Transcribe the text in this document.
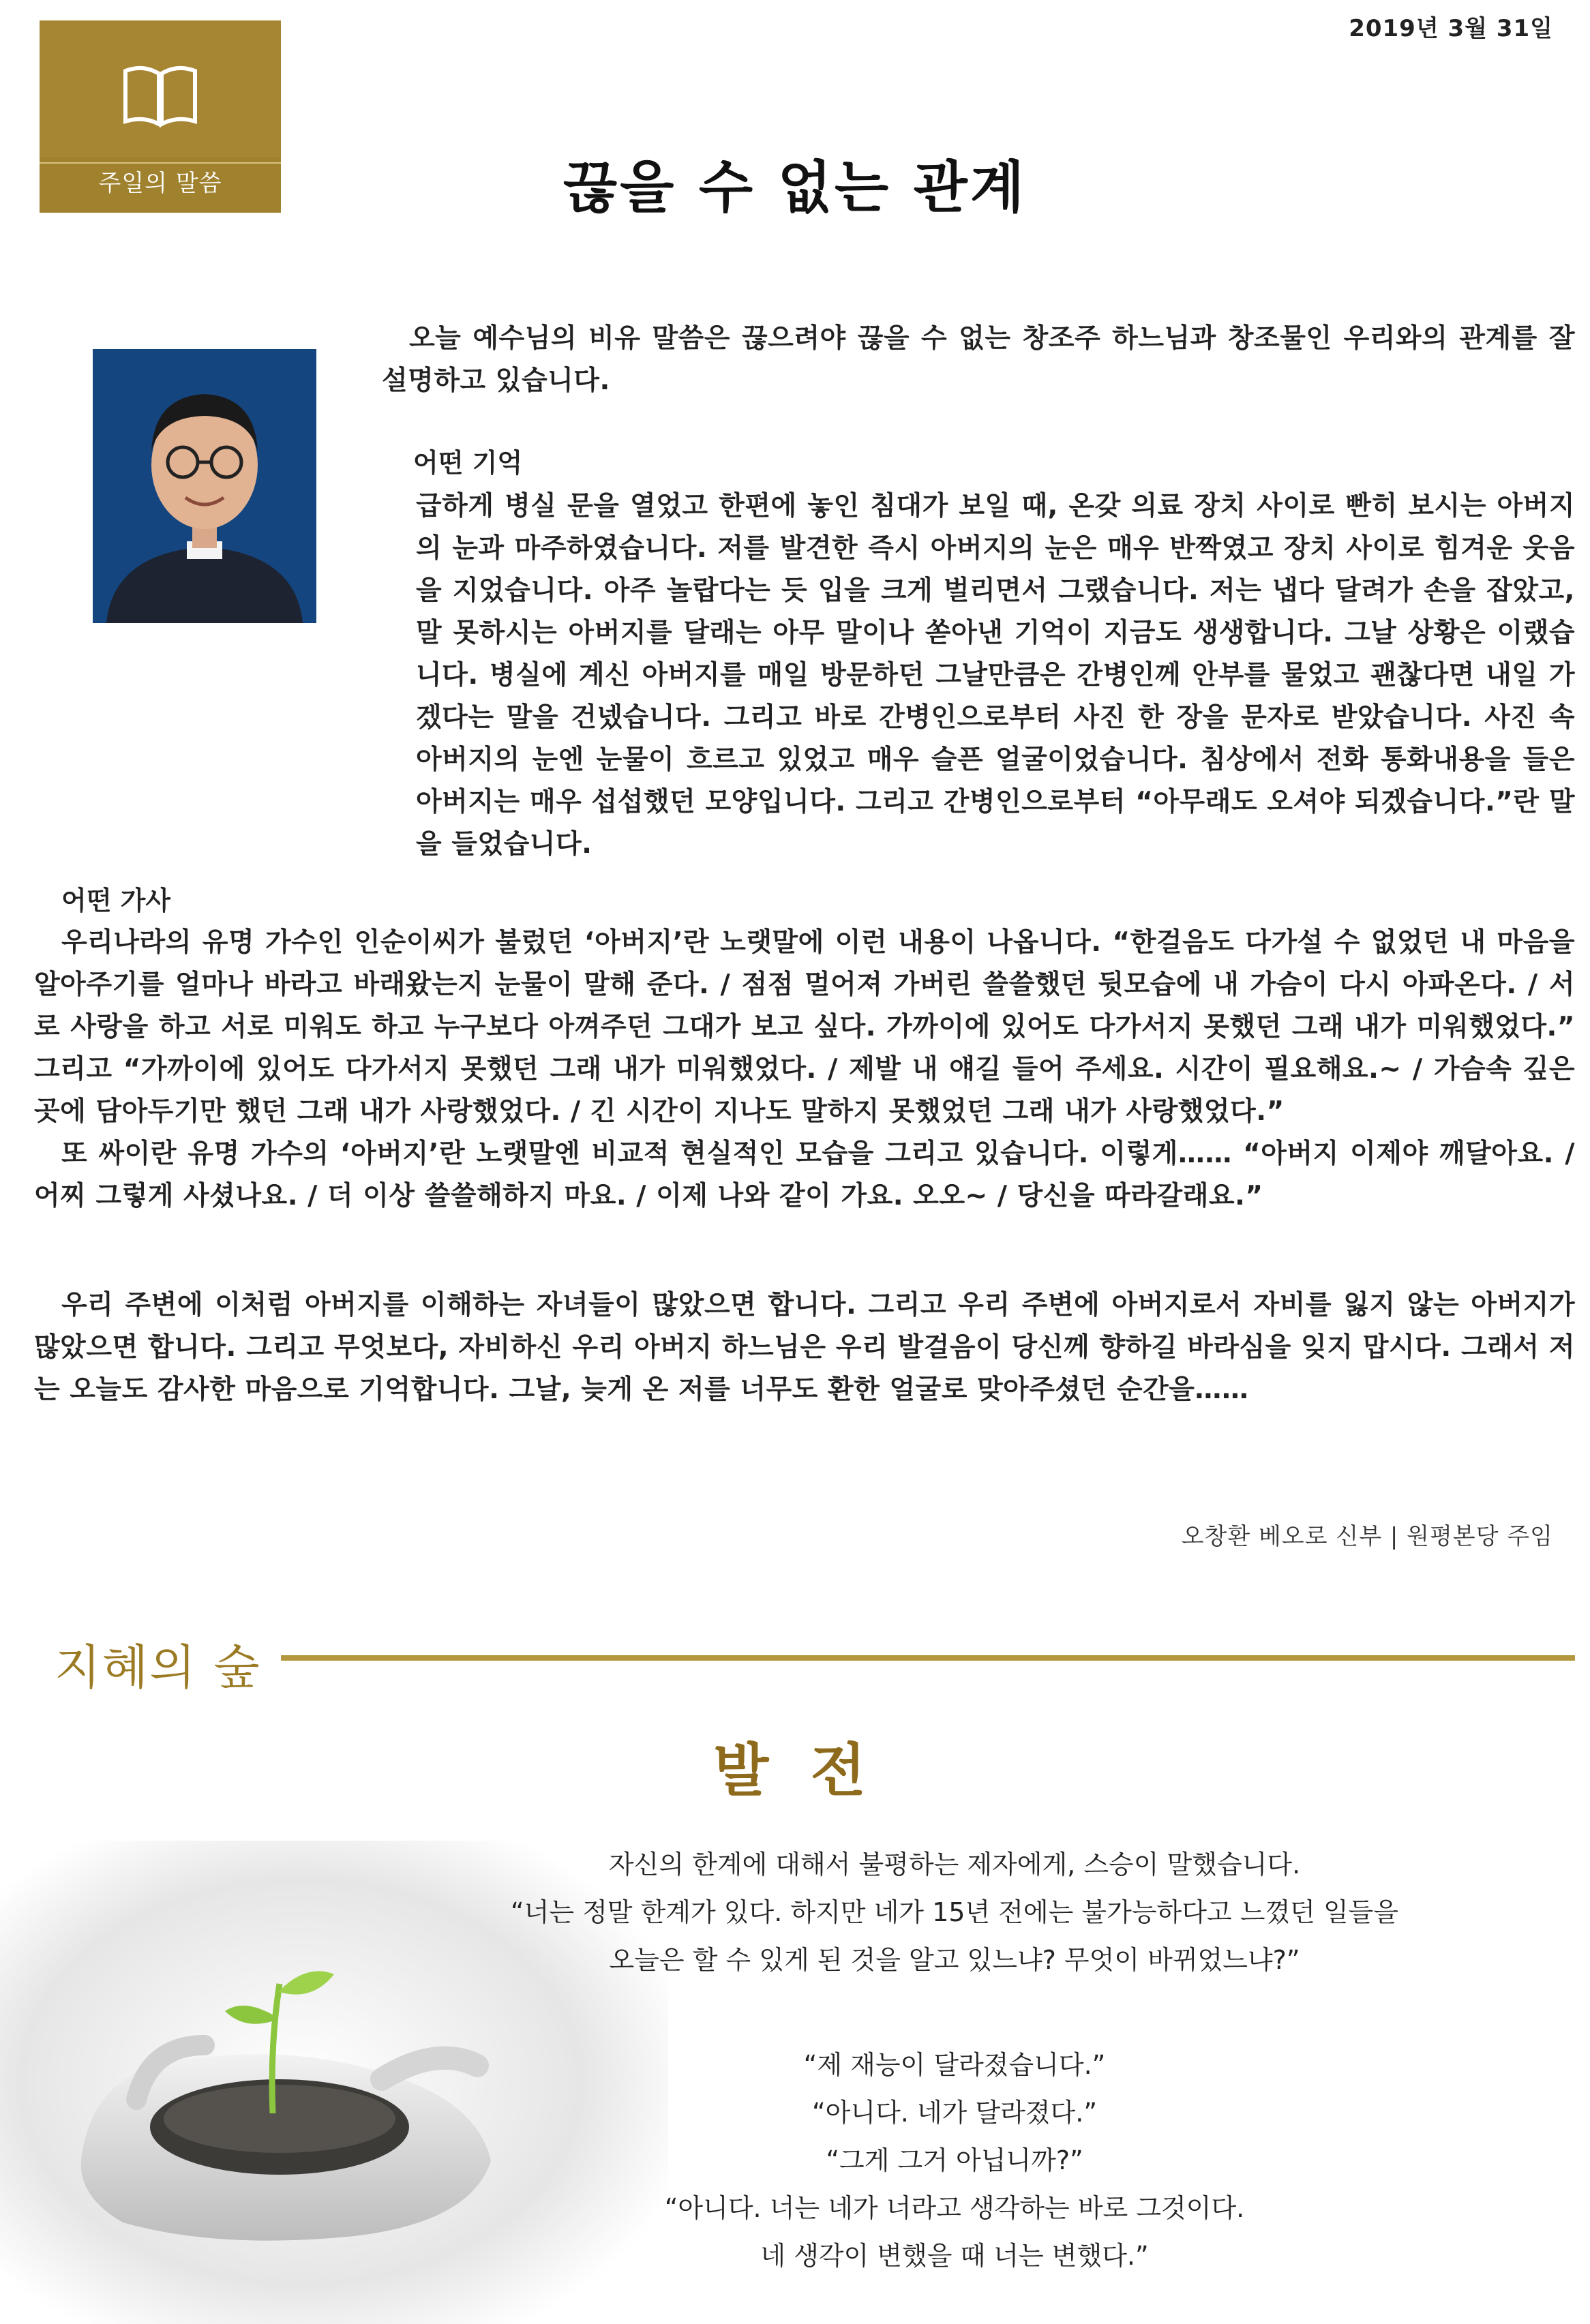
2019년 3월 31일
주일의 말씀	끊을 수 없는 관계

오늘 예수님의 비유 말씀은 끊으려야 끊을 수 없는 창조주 하느님과 창조물인 우리와의 관계를 잘 설명하고 있습니다.

어떤 기억

급하게 병실 문을 열었고 한편에 놓인 침대가 보일 때, 온갖 의료 장치 사이로 빤히 보시는 아버지의 눈과 마주하였습니다. 저를 발견한 즉시 아버지의 눈은 매우 반짝였고 장치 사이로 힘겨운 웃음을 지었습니다. 아주 놀랍다는 듯 입을 크게 벌리면서 그랬습니다. 저는 냅다 달려가 손을 잡았고, 말 못하시는 아버지를 달래는 아무 말이나 쏟아낸 기억이 지금도 생생합니다. 그날 상황은 이랬습니다. 병실에 계신 아버지를 매일 방문하던 그날만큼은 간병인께 안부를 물었고 괜찮다면 내일 가겠다는 말을 건넸습니다. 그리고 바로 간병인으로부터 사진 한 장을 문자로 받았습니다. 사진 속 아버지의 눈엔 눈물이 흐르고 있었고 매우 슬픈 얼굴이었습니다. 침상에서 전화 통화내용을 들은 아버지는 매우 섭섭했던 모양입니다. 그리고 간병인으로부터 “아무래도 오셔야 되겠습니다.”란 말을 들었습니다.

어떤 가사

우리나라의 유명 가수인 인순이씨가 불렀던 ‘아버지’란 노랫말에 이런 내용이 나옵니다. “한걸음도 다가설 수 없었던 내 마음을 알아주기를 얼마나 바라고 바래왔는지 눈물이 말해 준다. / 점점 멀어져 가버린 쓸쓸했던 뒷모습에 내 가슴이 다시 아파온다. / 서로 사랑을 하고 서로 미워도 하고 누구보다 아껴주던 그대가 보고 싶다. 가까이에 있어도 다가서지 못했던 그래 내가 미워했었다.” 그리고 “가까이에 있어도 다가서지 못했던 그래 내가 미워했었다. / 제발 내 얘길 들어 주세요. 시간이 필요해요.~ / 가슴속 깊은 곳에 담아두기만 했던 그래 내가 사랑했었다. / 긴 시간이 지나도 말하지 못했었던 그래 내가 사랑했었다.”

또 싸이란 유명 가수의 ‘아버지’란 노랫말엔 비교적 현실적인 모습을 그리고 있습니다. 이렇게…… “아버지 이제야 깨달아요. / 어찌 그렇게 사셨나요. / 더 이상 쓸쓸해하지 마요. / 이제 나와 같이 가요. 오오~ / 당신을 따라갈래요.”

우리 주변에 이처럼 아버지를 이해하는 자녀들이 많았으면 합니다. 그리고 우리 주변에 아버지로서 자비를 잃지 않는 아버지가 많았으면 합니다. 그리고 무엇보다, 자비하신 우리 아버지 하느님은 우리 발걸음이 당신께 향하길 바라심을 잊지 맙시다. 그래서 저는 오늘도 감사한 마음으로 기억합니다. 그날, 늦게 온 저를 너무도 환한 얼굴로 맞아주셨던 순간을……

오창환 베오로 신부 | 원평본당 주임
지혜의 숲
발 전

자신의 한계에 대해서 불평하는 제자에게, 스승이 말했습니다.

“너는 정말 한계가 있다. 하지만 네가 15년 전에는 불가능하다고 느꼈던 일들을

오늘은 할 수 있게 된 것을 알고 있느냐? 무엇이 바뀌었느냐?”

“제 재능이 달라졌습니다.”

“아니다. 네가 달라졌다.”

“그게 그거 아닙니까?”

“아니다. 너는 네가 너라고 생각하는 바로 그것이다.

네 생각이 변했을 때 너는 변했다.”
